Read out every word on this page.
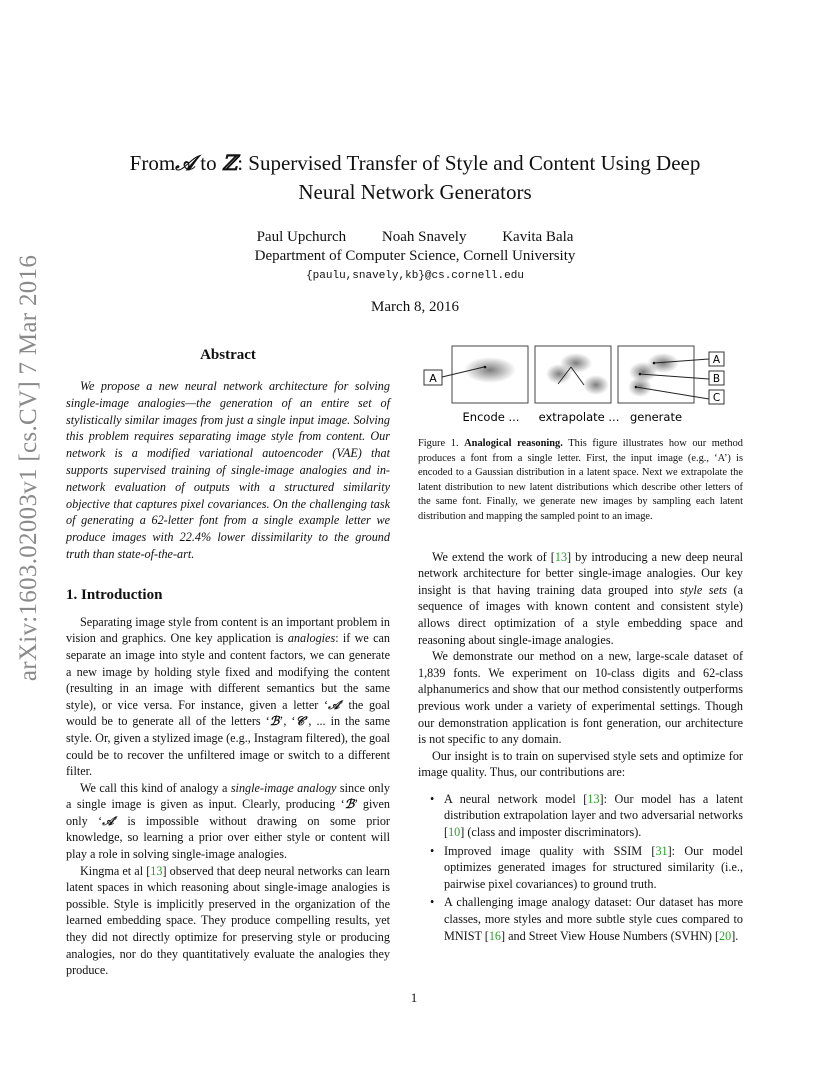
arXiv:1603.02003v1 [cs.CV] 7 Mar 2016
From𝒜 to ℤ: Supervised Transfer of Style and Content Using Deep
Neural Network Generators
Paul Upchurch Noah Snavely Kavita Bala
Department of Computer Science, Cornell University
{paulu,snavely,kb}@cs.cornell.edu
March 8, 2016
Abstract

We propose a new neural network architecture for solving single-image analogies—the generation of an entire set of stylistically similar images from just a single input image. Solving this problem requires separating image style from content. Our network is a modified variational autoencoder (VAE) that supports supervised training of single-image analogies and in-network evaluation of outputs with a structured similarity objective that captures pixel covariances. On the challenging task of generating a 62-letter font from a single example letter we produce images with 22.4% lower dissimilarity to the ground truth than state-of-the-art.

1. Introduction

Separating image style from content is an important problem in vision and graphics. One key application is analogies: if we can separate an image into style and content factors, we can generate a new image by holding style fixed and modifying the content (resulting in an image with different semantics but the same style), or vice versa. For instance, given a letter ‘𝒜’ the goal would be to generate all of the letters ‘ℬ’, ‘𝒞’, ... in the same style. Or, given a stylized image (e.g., Instagram filtered), the goal could be to recover the unfiltered image or switch to a different filter.

We call this kind of analogy a single-image analogy since only a single image is given as input. Clearly, producing ‘ℬ’ given only ‘𝒜’ is impossible without drawing on some prior knowledge, so learning a prior over either style or content will play a role in solving single-image analogies.

Kingma et al [13] observed that deep neural networks can learn latent spaces in which reasoning about single-image analogies is possible. Style is implicitly preserved in the organization of the learned embedding space. They produce compelling results, yet they did not directly optimize for preserving style or producing analogies, nor do they quantitatively evaluate the analogies they produce.

A
A
B
C
Encode ... extrapolate ... generate

Figure 1. Analogical reasoning. This figure illustrates how our method produces a font from a single letter. First, the input image (e.g., ‘A’) is encoded to a Gaussian distribution in a latent space. Next we extrapolate the latent distribution to new latent distributions which describe other letters of the same font. Finally, we generate new images by sampling each latent distribution and mapping the sampled point to an image.

We extend the work of [13] by introducing a new deep neural network architecture for better single-image analogies. Our key insight is that having training data grouped into style sets (a sequence of images with known content and consistent style) allows direct optimization of a style embedding space and reasoning about single-image analogies.

We demonstrate our method on a new, large-scale dataset of 1,839 fonts. We experiment on 10-class digits and 62-class alphanumerics and show that our method consistently outperforms previous work under a variety of experimental settings. Though our demonstration application is font generation, our architecture is not specific to any domain.

Our insight is to train on supervised style sets and optimize for image quality. Thus, our contributions are:

• A neural network model [13]: Our model has a latent distribution extrapolation layer and two adversarial networks [10] (class and imposter discriminators).
• Improved image quality with SSIM [31]: Our model optimizes generated images for structured similarity (i.e., pairwise pixel covariances) to ground truth.
• A challenging image analogy dataset: Our dataset has more classes, more styles and more subtle style cues compared to MNIST [16] and Street View House Numbers (SVHN) [20].
1
